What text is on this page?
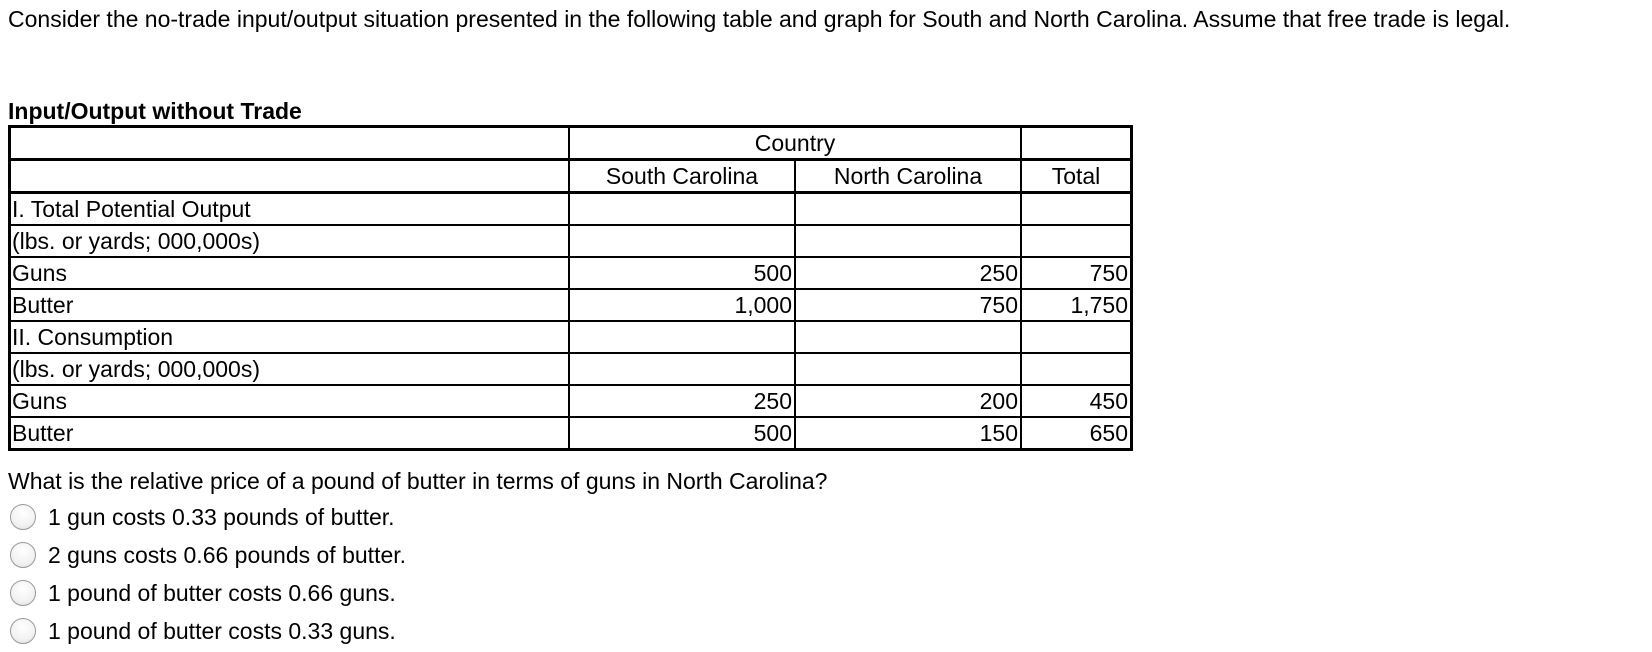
Consider the no-trade input/output situation presented in the following table and graph for South and North Carolina. Assume that free trade is legal.

Input/Output without Trade

	Country		
	South Carolina	North Carolina	Total
I. Total Potential Output			
(lbs. or yards; 000,000s)			
Guns	500	250	750
Butter	1,000	750	1,750
II. Consumption			
(lbs. or yards; 000,000s)			
Guns	250	200	450
Butter	500	150	650

What is the relative price of a pound of butter in terms of guns in North Carolina?

1 gun costs 0.33 pounds of butter.
2 guns costs 0.66 pounds of butter.
1 pound of butter costs 0.66 guns.
1 pound of butter costs 0.33 guns.
